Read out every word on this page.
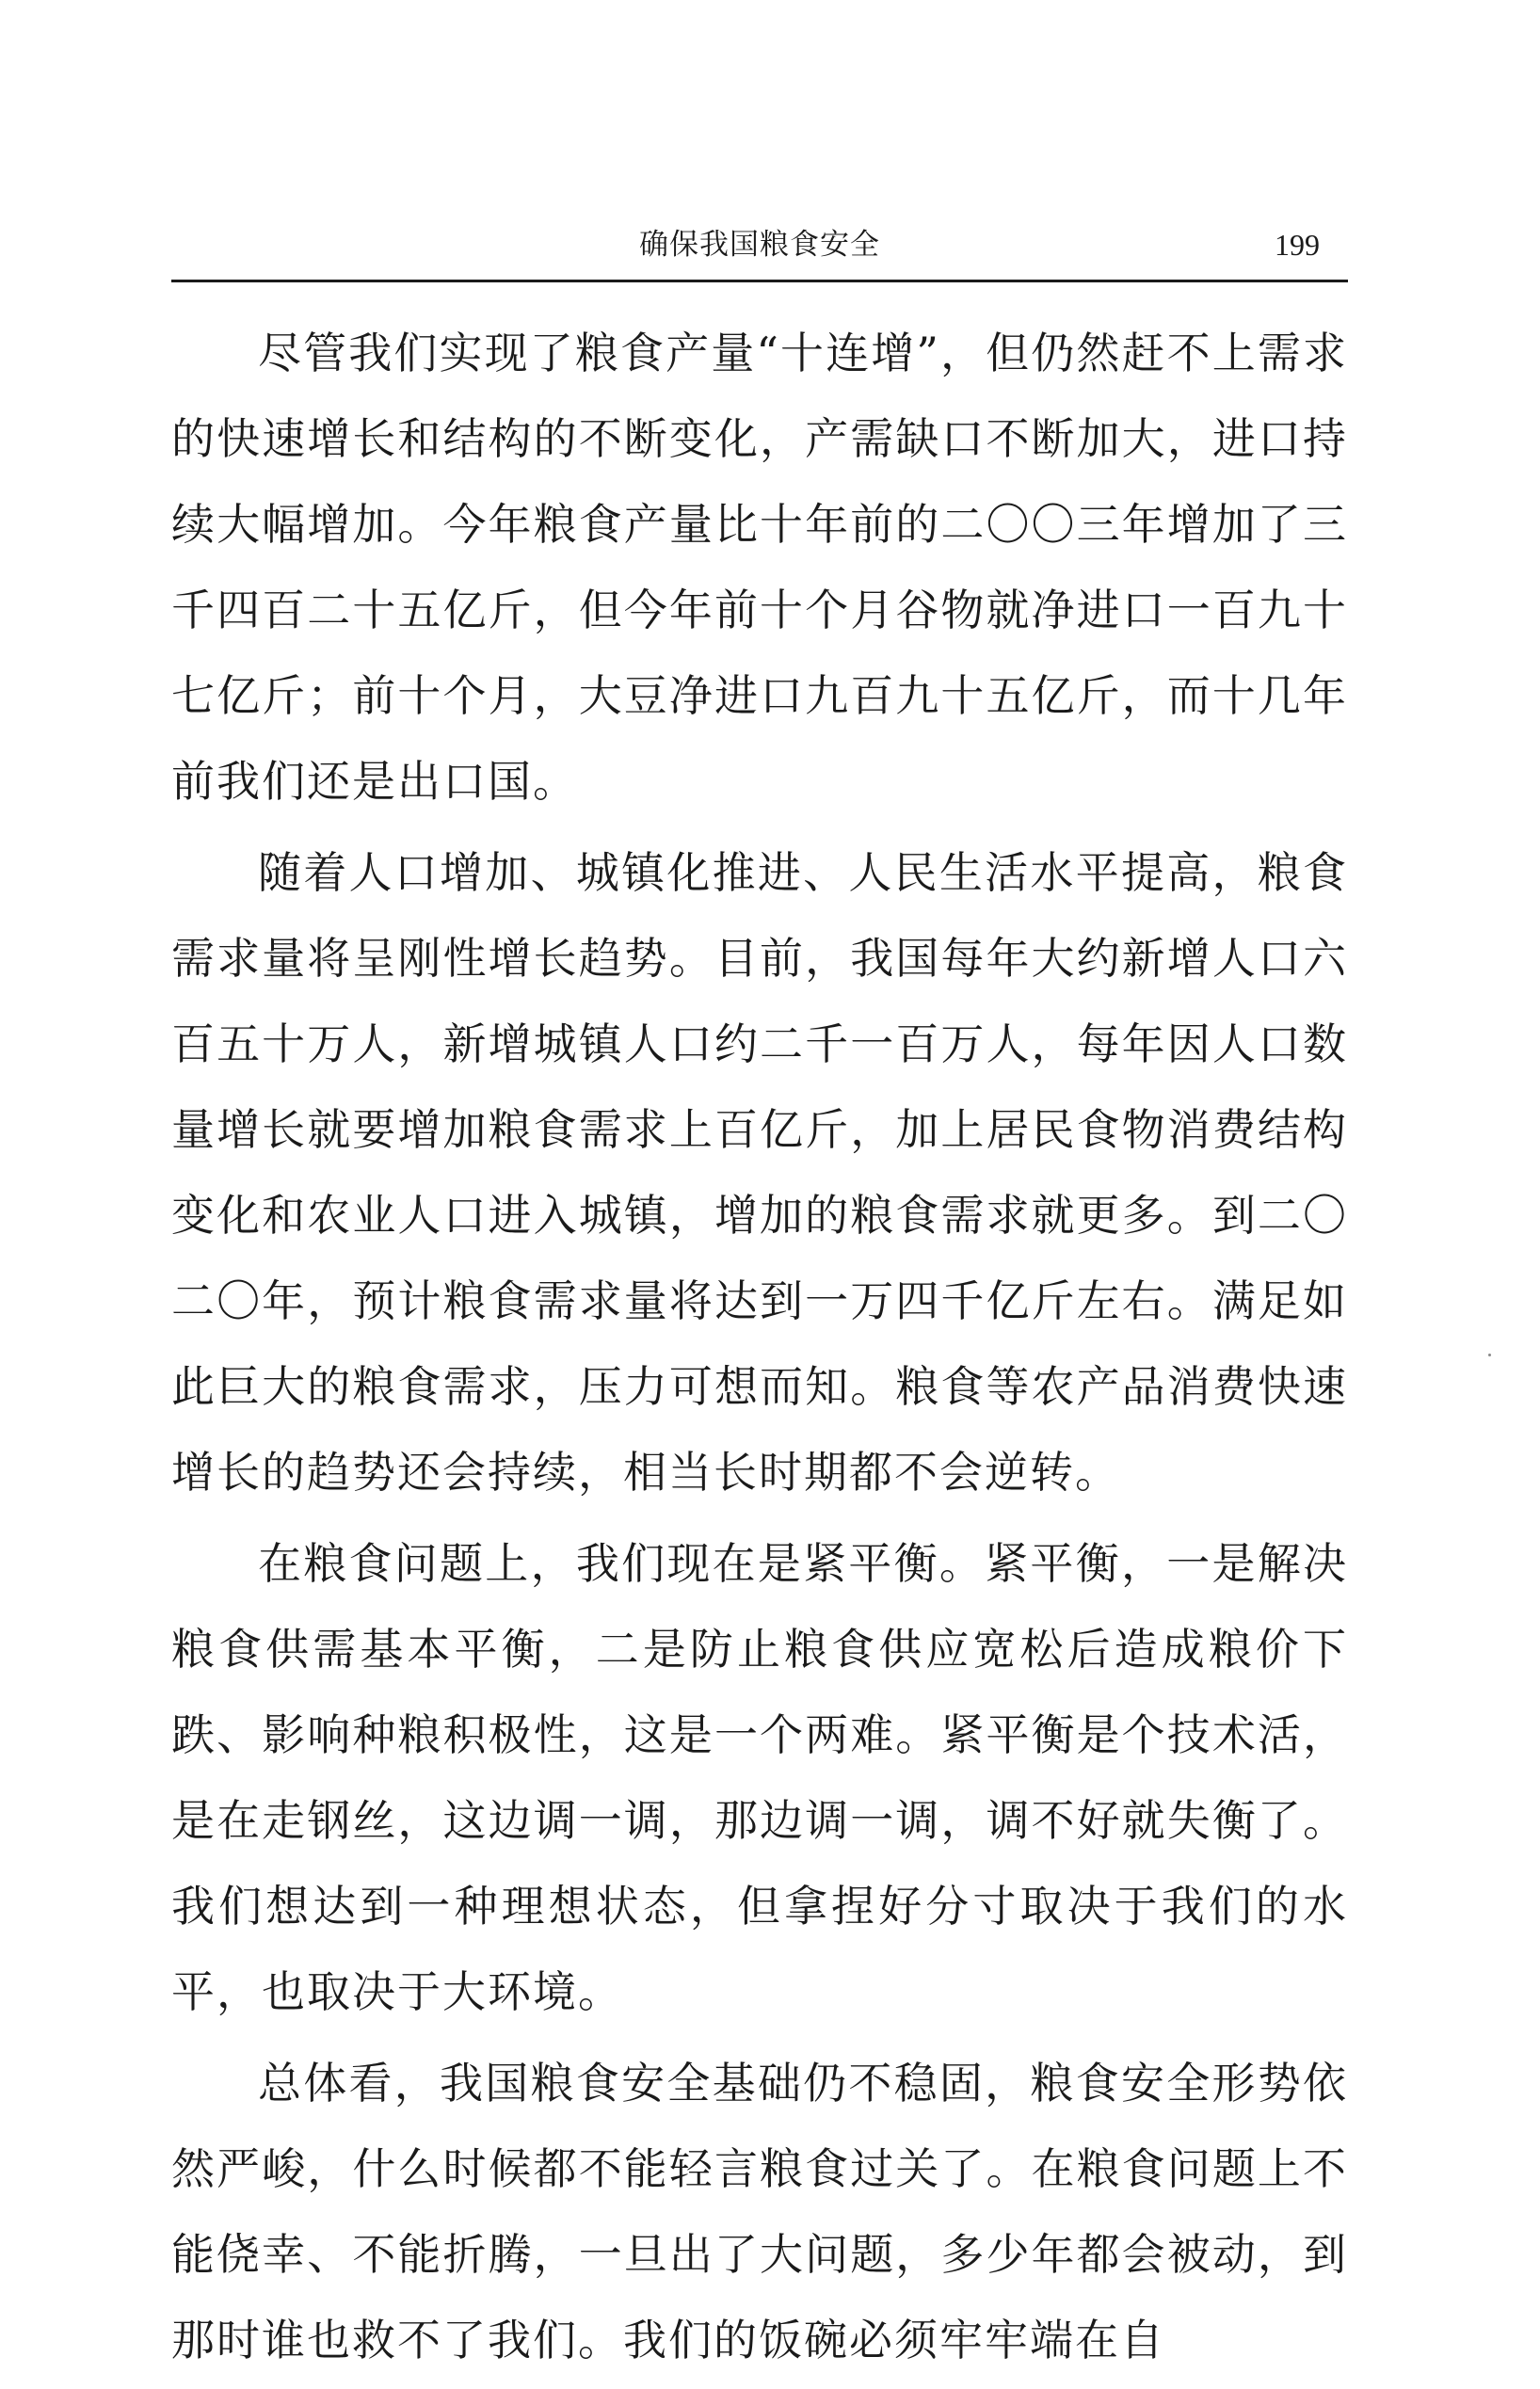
确保我国粮食安全	199

尽管我们实现了粮食产量“十连增”，但仍然赶不上需求的快速增长和结构的不断变化，产需缺口不断加大，进口持续大幅增加。今年粮食产量比十年前的二〇〇三年增加了三千四百二十五亿斤，但今年前十个月谷物就净进口一百九十七亿斤；前十个月，大豆净进口九百九十五亿斤，而十几年前我们还是出口国。

随着人口增加、城镇化推进、人民生活水平提高，粮食需求量将呈刚性增长趋势。目前，我国每年大约新增人口六百五十万人，新增城镇人口约二千一百万人，每年因人口数量增长就要增加粮食需求上百亿斤，加上居民食物消费结构变化和农业人口进入城镇，增加的粮食需求就更多。到二〇二〇年，预计粮食需求量将达到一万四千亿斤左右。满足如此巨大的粮食需求，压力可想而知。粮食等农产品消费快速增长的趋势还会持续，相当长时期都不会逆转。

在粮食问题上，我们现在是紧平衡。紧平衡，一是解决粮食供需基本平衡，二是防止粮食供应宽松后造成粮价下跌、影响种粮积极性，这是一个两难。紧平衡是个技术活，是在走钢丝，这边调一调，那边调一调，调不好就失衡了。我们想达到一种理想状态，但拿捏好分寸取决于我们的水平，也取决于大环境。

总体看，我国粮食安全基础仍不稳固，粮食安全形势依然严峻，什么时候都不能轻言粮食过关了。在粮食问题上不能侥幸、不能折腾，一旦出了大问题，多少年都会被动，到那时谁也救不了我们。我们的饭碗必须牢牢端在自
